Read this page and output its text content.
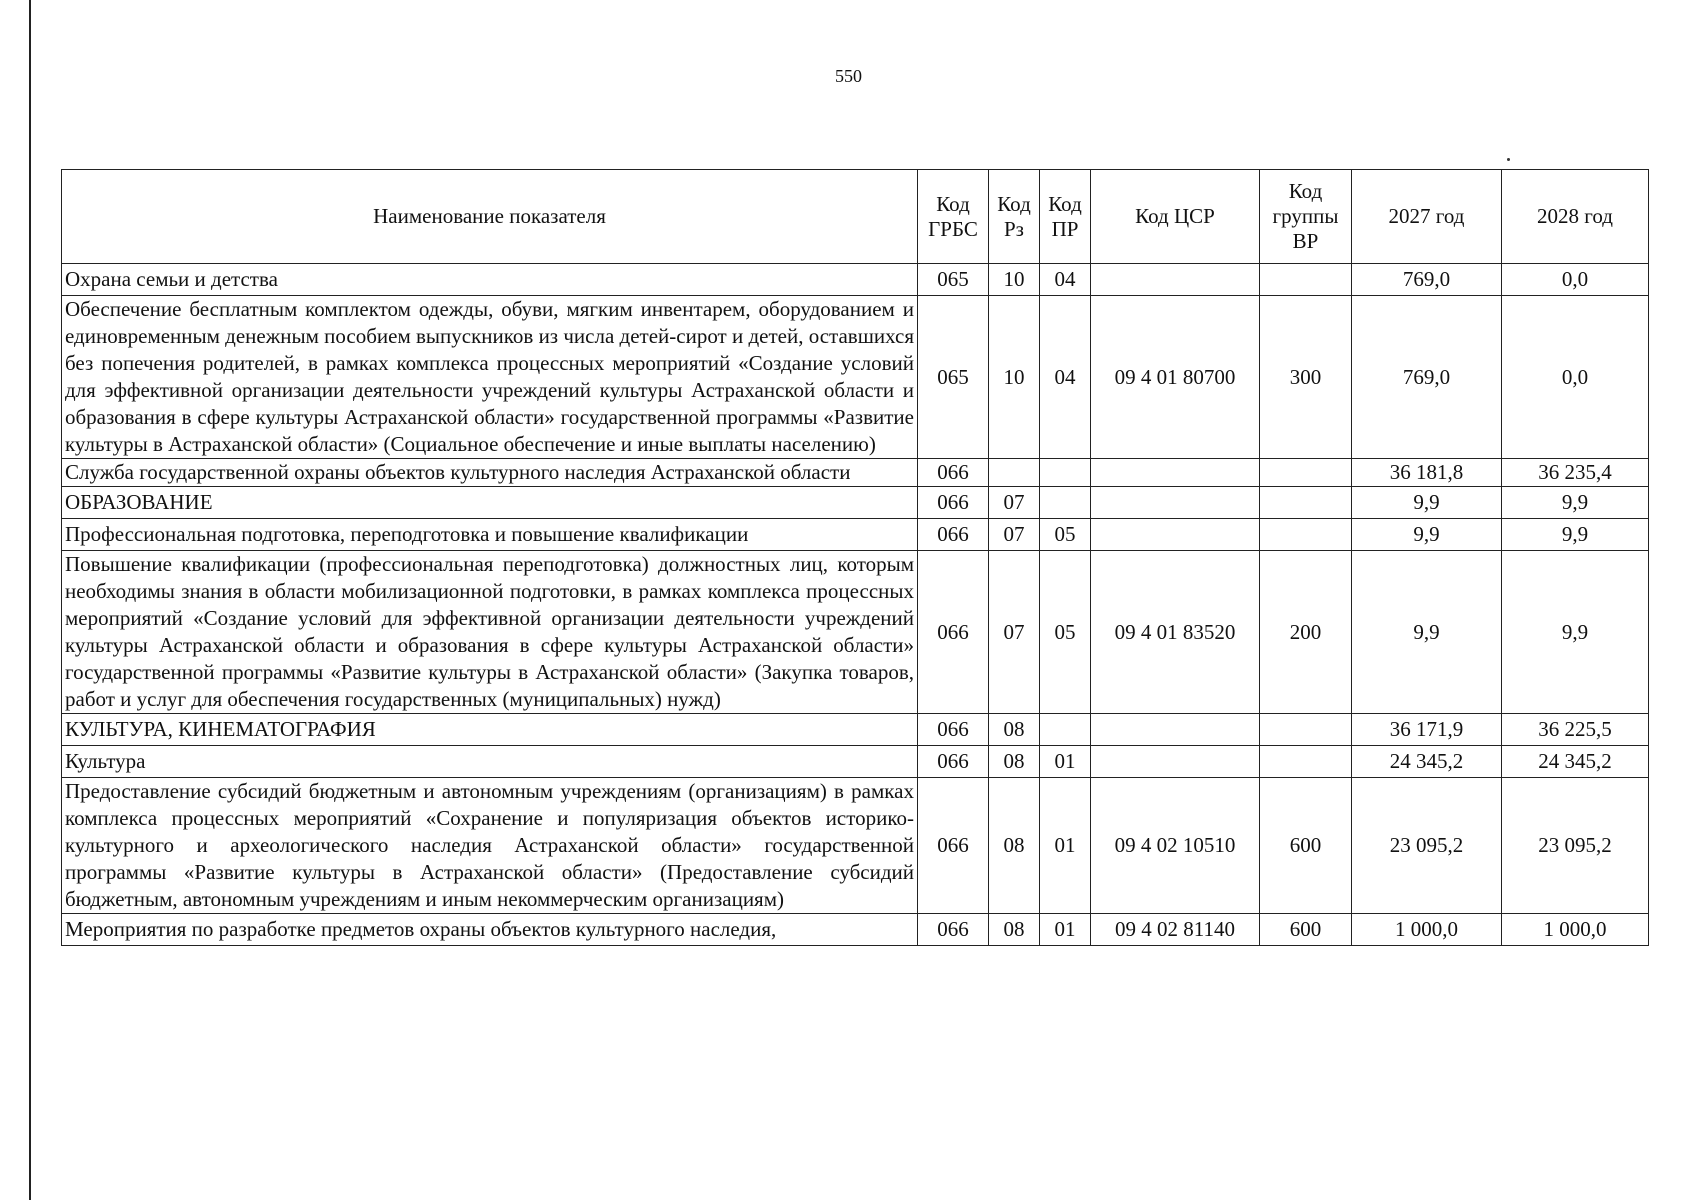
550
Наименование показателя	Код ГРБС	Код Рз	Код ПР	Код ЦСР	Код группы ВР	2027 год	2028 год
Охрана семьи и детства	065	10	04			769,0	0,0
Обеспечение бесплатным комплектом одежды, обуви, мягким инвентарем, оборудованием и единовременным денежным пособием выпускников из числа детей-сирот и детей, оставшихся без попечения родителей, в рамках комплекса процессных мероприятий «Создание условий для эффективной организации деятельности учреждений культуры Астраханской области и образования в сфере культуры Астраханской области» государственной программы «Развитие культуры в Астраханской области» (Социальное обеспечение и иные выплаты населению)	065	10	04	09 4 01 80700	300	769,0	0,0
Служба государственной охраны объектов культурного наследия Астраханской области	066					36 181,8	36 235,4
ОБРАЗОВАНИЕ	066	07				9,9	9,9
Профессиональная подготовка, переподготовка и повышение квалификации	066	07	05			9,9	9,9
Повышение квалификации (профессиональная переподготовка) должностных лиц, которым необходимы знания в области мобилизационной подготовки, в рамках комплекса процессных мероприятий «Создание условий для эффективной организации деятельности учреждений культуры Астраханской области и образования в сфере культуры Астраханской области» государственной программы «Развитие культуры в Астраханской области» (Закупка товаров, работ и услуг для обеспечения государственных (муниципальных) нужд)	066	07	05	09 4 01 83520	200	9,9	9,9
КУЛЬТУРА, КИНЕМАТОГРАФИЯ	066	08				36 171,9	36 225,5
Культура	066	08	01			24 345,2	24 345,2
Предоставление субсидий бюджетным и автономным учреждениям (организациям) в рамках комплекса процессных мероприятий «Сохранение и популяризация объектов историко-культурного и археологического наследия Астраханской области» государственной программы «Развитие культуры в Астраханской области» (Предоставление субсидий бюджетным, автономным учреждениям и иным некоммерческим организациям)	066	08	01	09 4 02 10510	600	23 095,2	23 095,2
Мероприятия по разработке предметов охраны объектов культурного наследия,	066	08	01	09 4 02 81140	600	1 000,0	1 000,0
